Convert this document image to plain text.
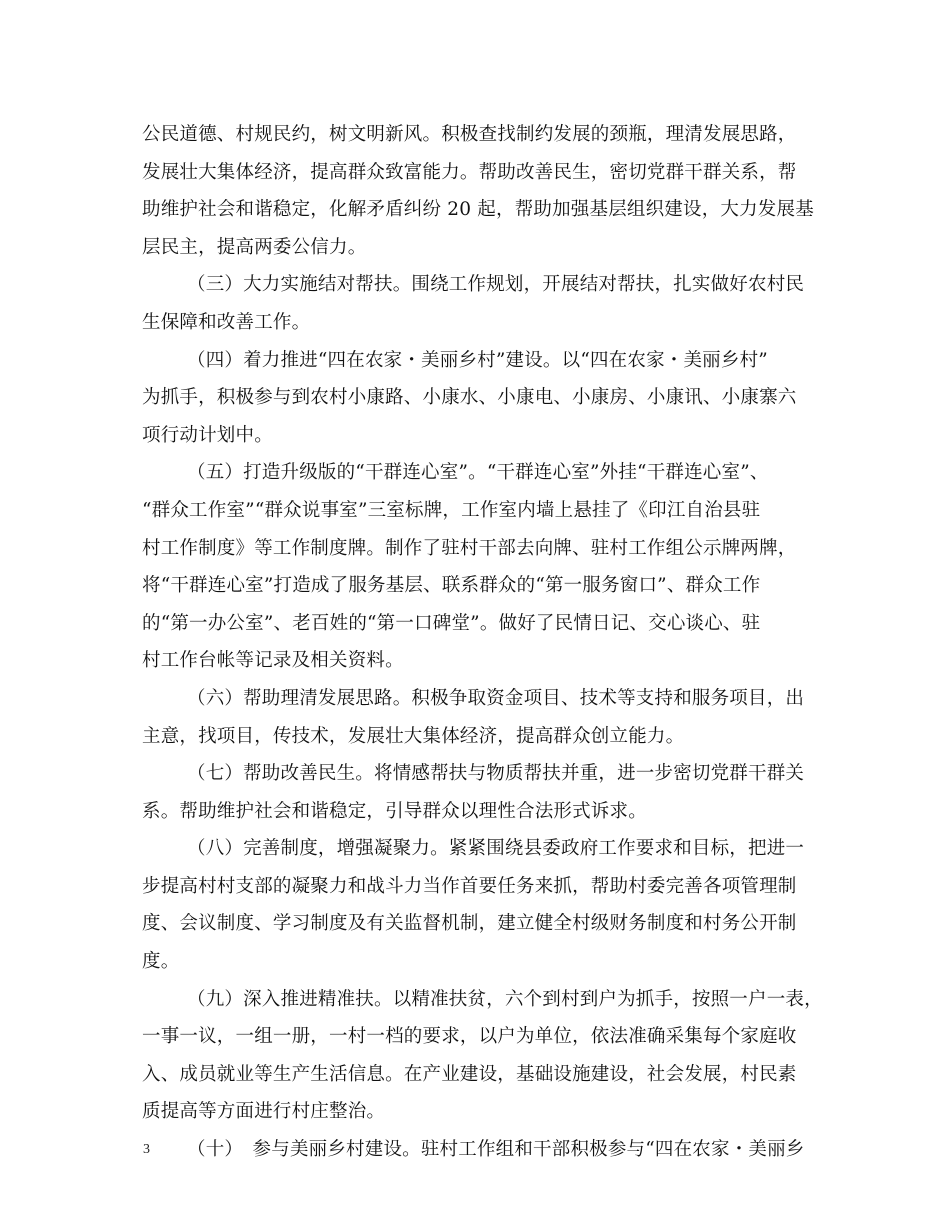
公民道德、村规民约，树文明新风。积极查找制约发展的颈瓶，理清发展思路，
发展壮大集体经济，提高群众致富能力。帮助改善民生，密切党群干群关系，帮
助维护社会和谐稳定，化解矛盾纠纷 20 起，帮助加强基层组织建设，大力发展基
层民主，提高两委公信力。
（三）大力实施结对帮扶。围绕工作规划，开展结对帮扶，扎实做好农村民
生保障和改善工作。
（四）着力推进“四在农家・美丽乡村”建设。以“四在农家・美丽乡村”
为抓手，积极参与到农村小康路、小康水、小康电、小康房、小康讯、小康寨六
项行动计划中。
（五）打造升级版的“干群连心室”。“干群连心室”外挂“干群连心室”、
“群众工作室”“群众说事室”三室标牌，工作室内墙上悬挂了《印江自治县驻
村工作制度》等工作制度牌。制作了驻村干部去向牌、驻村工作组公示牌两牌，
将“干群连心室”打造成了服务基层、联系群众的“第一服务窗口”、群众工作
的“第一办公室”、老百姓的“第一口碑堂”。做好了民情日记、交心谈心、驻
村工作台帐等记录及相关资料。
（六）帮助理清发展思路。积极争取资金项目、技术等支持和服务项目，出
主意，找项目，传技术，发展壮大集体经济，提高群众创立能力。
（七）帮助改善民生。将情感帮扶与物质帮扶并重，进一步密切党群干群关
系。帮助维护社会和谐稳定，引导群众以理性合法形式诉求。
（八）完善制度，增强凝聚力。紧紧围绕县委政府工作要求和目标，把进一
步提高村村支部的凝聚力和战斗力当作首要任务来抓，帮助村委完善各项管理制
度、会议制度、学习制度及有关监督机制，建立健全村级财务制度和村务公开制
度。
（九）深入推进精准扶。以精准扶贫，六个到村到户为抓手，按照一户一表，
一事一议，一组一册，一村一档的要求，以户为单位，依法准确采集每个家庭收
入、成员就业等生产生活信息。在产业建设，基础设施建设，社会发展，村民素
质提高等方面进行村庄整治。
（十）　参与美丽乡村建设。驻村工作组和干部积极参与“四在农家・美丽乡
3
